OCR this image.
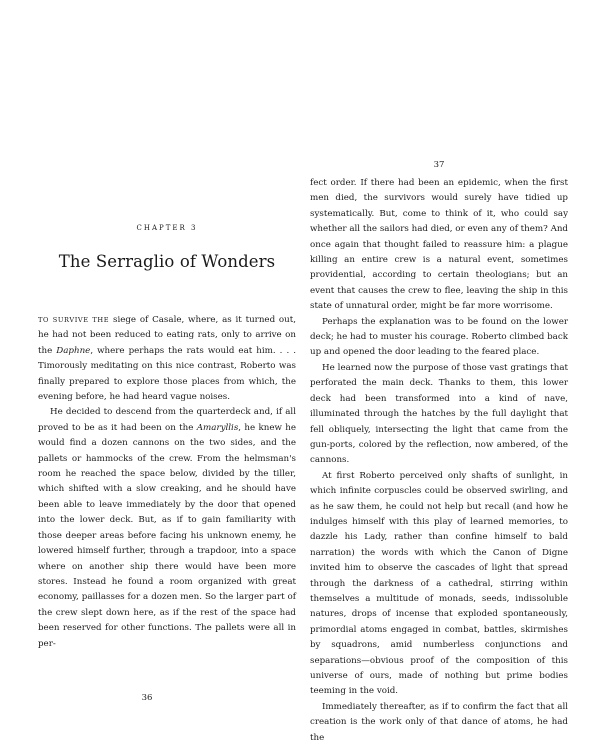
CHAPTER 3
The Serraglio of Wonders

TO SURVIVE THE siege of Casale, where, as it turned out, he had not been reduced to eating rats, only to arrive on the Daphne, where perhaps the rats would eat him. . . . Timorously meditating on this nice contrast, Roberto was finally prepared to explore those places from which, the evening before, he had heard vague noises.

He decided to descend from the quarterdeck and, if all proved to be as it had been on the Amaryllis, he knew he would find a dozen cannons on the two sides, and the pallets or hammocks of the crew. From the helmsman's room he reached the space below, divided by the tiller, which shifted with a slow creaking, and he should have been able to leave immediately by the door that opened into the lower deck. But, as if to gain familiarity with those deeper areas before facing his unknown enemy, he lowered himself further, through a trapdoor, into a space where on another ship there would have been more stores. Instead he found a room organized with great economy, paillasses for a dozen men. So the larger part of the crew slept down here, as if the rest of the space had been reserved for other functions. The pallets were all in per-

36
37

fect order. If there had been an epidemic, when the first men died, the survivors would surely have tidied up systematically. But, come to think of it, who could say whether all the sailors had died, or even any of them? And once again that thought failed to reassure him: a plague killing an entire crew is a natural event, sometimes providential, according to certain theologians; but an event that causes the crew to flee, leaving the ship in this state of unnatural order, might be far more worrisome.

Perhaps the explanation was to be found on the lower deck; he had to muster his courage. Roberto climbed back up and opened the door leading to the feared place.

He learned now the purpose of those vast gratings that perforated the main deck. Thanks to them, this lower deck had been transformed into a kind of nave, illuminated through the hatches by the full daylight that fell obliquely, intersecting the light that came from the gun-ports, colored by the reflection, now ambered, of the cannons.

At first Roberto perceived only shafts of sunlight, in which infinite corpuscles could be observed swirling, and as he saw them, he could not help but recall (and how he indulges himself with this play of learned memories, to dazzle his Lady, rather than confine himself to bald narration) the words with which the Canon of Digne invited him to observe the cascades of light that spread through the darkness of a cathedral, stirring within themselves a multitude of monads, seeds, indissoluble natures, drops of incense that exploded spontaneously, primordial atoms engaged in combat, battles, skirmishes by squadrons, amid numberless conjunctions and separations—obvious proof of the composition of this universe of ours, made of nothing but prime bodies teeming in the void.

Immediately thereafter, as if to confirm the fact that all creation is the work only of that dance of atoms, he had the
